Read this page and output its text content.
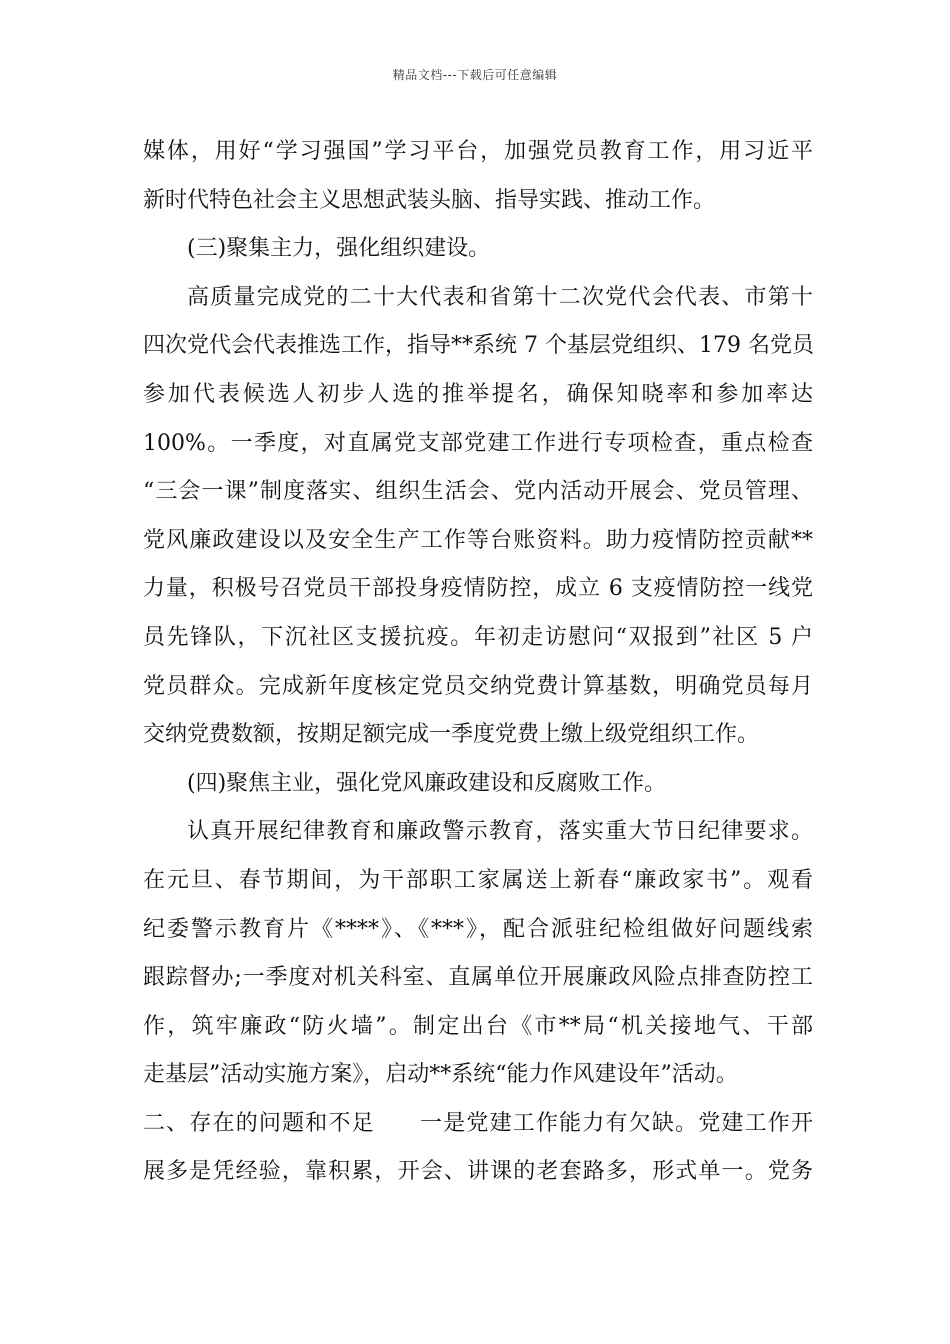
精品文档---下载后可任意编辑
媒体，用好“学习强国”学习平台，加强党员教育工作，用习近平
新时代特色社会主义思想武装头脑、指导实践、推动工作。
(三)聚集主力，强化组织建设。
高质量完成党的二十大代表和省第十二次党代会代表、市第十
四次党代会代表推选工作，指导**系统 7 个基层党组织、179 名党员
参加代表候选人初步人选的推举提名，确保知晓率和参加率达
100%。一季度，对直属党支部党建工作进行专项检查，重点检查
“三会一课”制度落实、组织生活会、党内活动开展会、党员管理、
党风廉政建设以及安全生产工作等台账资料。助力疫情防控贡献**
力量，积极号召党员干部投身疫情防控，成立 6 支疫情防控一线党
员先锋队，下沉社区支援抗疫。年初走访慰问“双报到”社区 5 户
党员群众。完成新年度核定党员交纳党费计算基数，明确党员每月
交纳党费数额，按期足额完成一季度党费上缴上级党组织工作。
(四)聚焦主业，强化党风廉政建设和反腐败工作。
认真开展纪律教育和廉政警示教育，落实重大节日纪律要求。
在元旦、春节期间，为干部职工家属送上新春“廉政家书”。观看
纪委警示教育片《****》、《***》，配合派驻纪检组做好问题线索
跟踪督办;一季度对机关科室、直属单位开展廉政风险点排查防控工
作，筑牢廉政“防火墙”。制定出台《市**局“机关接地气、干部
走基层”活动实施方案》，启动**系统“能力作风建设年”活动。
二、存在的问题和不足 一是党建工作能力有欠缺。党建工作开
展多是凭经验，靠积累，开会、讲课的老套路多，形式单一。党务
